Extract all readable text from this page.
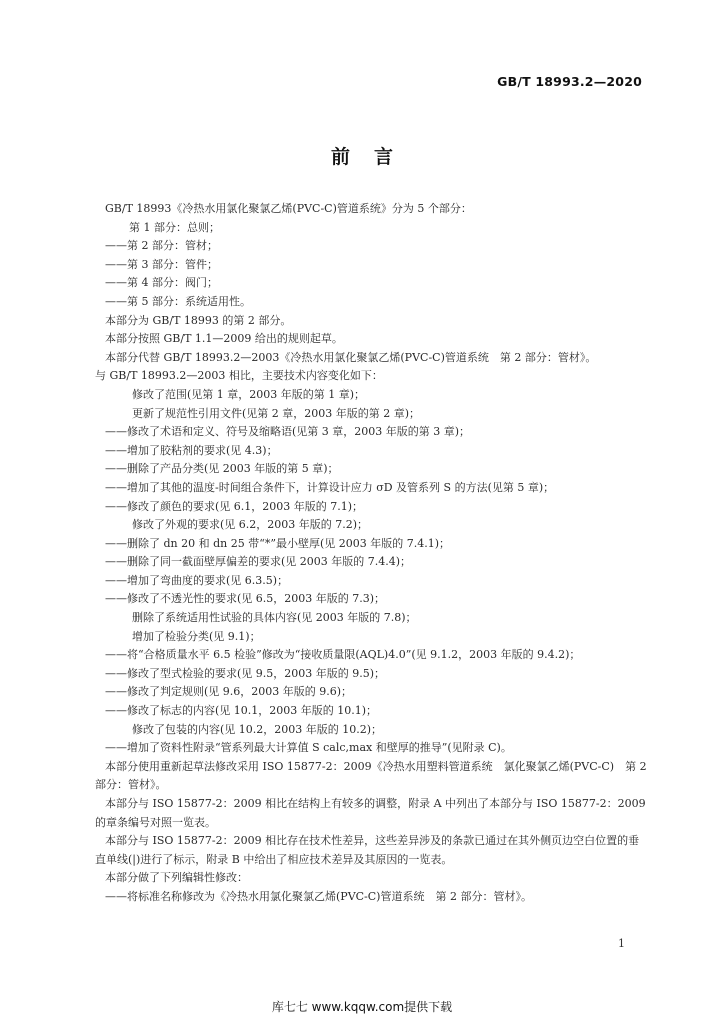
GB/T 18993.2—2020
前言

GB/T 18993《冷热水用氯化聚氯乙烯(PVC-C)管道系统》分为 5 个部分：

第 1 部分：总则；

——第 2 部分：管材；

——第 3 部分：管件；

——第 4 部分：阀门；

——第 5 部分：系统适用性。

本部分为 GB/T 18993 的第 2 部分。

本部分按照 GB/T 1.1—2009 给出的规则起草。

本部分代替 GB/T 18993.2—2003《冷热水用氯化聚氯乙烯(PVC-C)管道系统　第 2 部分：管材》。

与 GB/T 18993.2—2003 相比，主要技术内容变化如下：

修改了范围(见第 1 章，2003 年版的第 1 章)；

更新了规范性引用文件(见第 2 章，2003 年版的第 2 章)；

——修改了术语和定义、符号及缩略语(见第 3 章，2003 年版的第 3 章)；

——增加了胶粘剂的要求(见 4.3)；

——删除了产品分类(见 2003 年版的第 5 章)；

——增加了其他的温度-时间组合条件下，计算设计应力 σD 及管系列 S 的方法(见第 5 章)；

——修改了颜色的要求(见 6.1，2003 年版的 7.1)；

修改了外观的要求(见 6.2，2003 年版的 7.2)；

——删除了 dn 20 和 dn 25 带“*”最小壁厚(见 2003 年版的 7.4.1)；

——删除了同一截面壁厚偏差的要求(见 2003 年版的 7.4.4)；

——增加了弯曲度的要求(见 6.3.5)；

——修改了不透光性的要求(见 6.5，2003 年版的 7.3)；

删除了系统适用性试验的具体内容(见 2003 年版的 7.8)；

增加了检验分类(见 9.1)；

——将“合格质量水平 6.5 检验”修改为“接收质量限(AQL)4.0”(见 9.1.2，2003 年版的 9.4.2)；

——修改了型式检验的要求(见 9.5，2003 年版的 9.5)；

——修改了判定规则(见 9.6，2003 年版的 9.6)；

——修改了标志的内容(见 10.1，2003 年版的 10.1)；

修改了包装的内容(见 10.2，2003 年版的 10.2)；

——增加了资料性附录“管系列最大计算值 S calc,max 和壁厚的推导”(见附录 C)。

本部分使用重新起草法修改采用 ISO 15877-2：2009《冷热水用塑料管道系统　氯化聚氯乙烯(PVC-C)　第 2 部分：管材》。

本部分与 ISO 15877-2：2009 相比在结构上有较多的调整，附录 A 中列出了本部分与 ISO 15877-2：2009 的章条编号对照一览表。

本部分与 ISO 15877-2：2009 相比存在技术性差异，这些差异涉及的条款已通过在其外侧页边空白位置的垂直单线(|)进行了标示，附录 B 中给出了相应技术差异及其原因的一览表。

本部分做了下列编辑性修改：

——将标准名称修改为《冷热水用氯化聚氯乙烯(PVC-C)管道系统　第 2 部分：管材》。

1
库七七 www.kqqw.com提供下载
